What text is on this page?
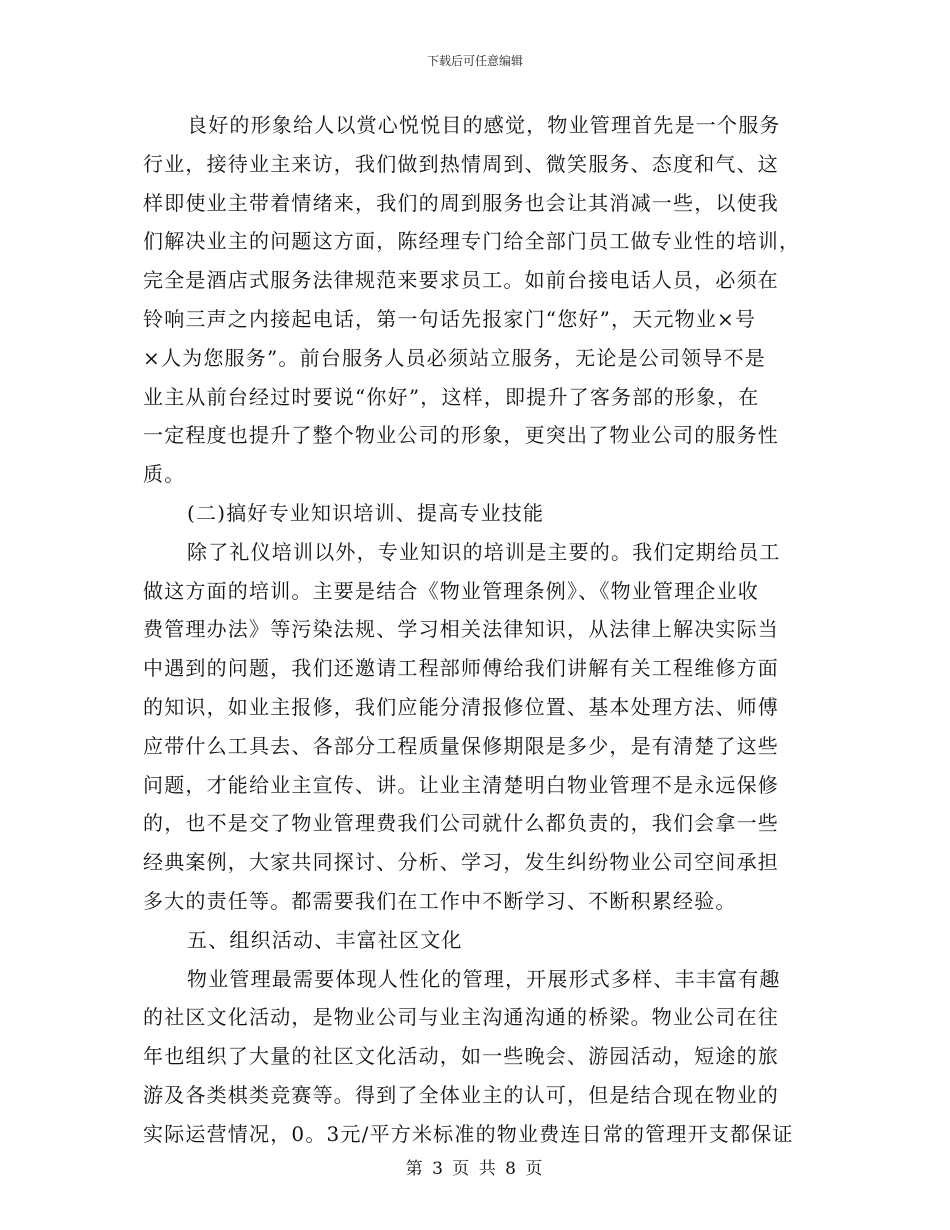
下载后可任意编辑
良好的形象给人以赏心悦悦目的感觉，物业管理首先是一个服务
行业，接待业主来访，我们做到热情周到、微笑服务、态度和气、这
样即使业主带着情绪来，我们的周到服务也会让其消减一些，以使我
们解决业主的问题这方面，陈经理专门给全部门员工做专业性的培训，
完全是酒店式服务法律规范来要求员工。如前台接电话人员，必须在
铃响三声之内接起电话，第一句话先报家门“您好”，天元物业×号
×人为您服务”。前台服务人员必须站立服务，无论是公司领导不是
业主从前台经过时要说“你好”，这样，即提升了客务部的形象，在
一定程度也提升了整个物业公司的形象，更突出了物业公司的服务性
质。
(二)搞好专业知识培训、提高专业技能
除了礼仪培训以外，专业知识的培训是主要的。我们定期给员工
做这方面的培训。主要是结合《物业管理条例》、《物业管理企业收
费管理办法》等污染法规、学习相关法律知识，从法律上解决实际当
中遇到的问题，我们还邀请工程部师傅给我们讲解有关工程维修方面
的知识，如业主报修，我们应能分清报修位置、基本处理方法、师傅
应带什么工具去、各部分工程质量保修期限是多少，是有清楚了这些
问题，才能给业主宣传、讲。让业主清楚明白物业管理不是永远保修
的，也不是交了物业管理费我们公司就什么都负责的，我们会拿一些
经典案例，大家共同探讨、分析、学习，发生纠纷物业公司空间承担
多大的责任等。都需要我们在工作中不断学习、不断积累经验。
五、组织活动、丰富社区文化
物业管理最需要体现人性化的管理，开展形式多样、丰丰富有趣
的社区文化活动，是物业公司与业主沟通沟通的桥梁。物业公司在往
年也组织了大量的社区文化活动，如一些晚会、游园活动，短途的旅
游及各类棋类竞赛等。得到了全体业主的认可，但是结合现在物业的
实际运营情况，0。3元/平方米标准的物业费连日常的管理开支都保证
第 3 页 共 8 页
